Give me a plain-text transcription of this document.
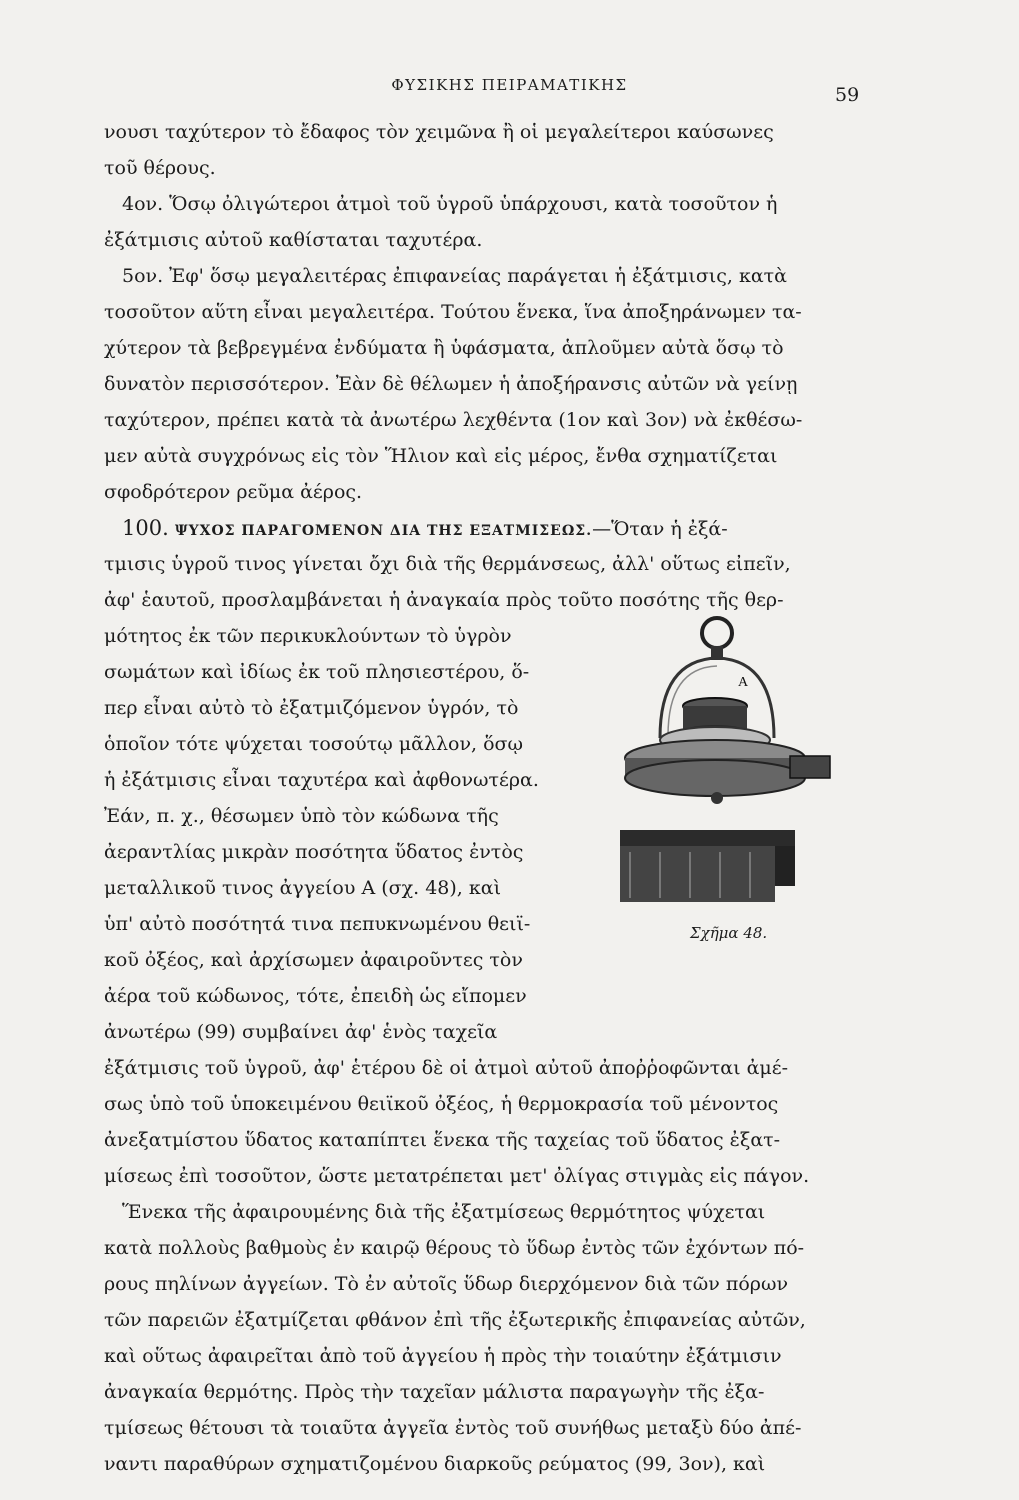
ΦΥΣΙΚΗΣ ΠΕΙΡΑΜΑΤΙΚΗΣ	59
νουσι ταχύτερον τὸ ἔδαφος τὸν χειμῶνα ἢ οἱ μεγαλείτεροι καύσωνες
τοῦ θέρους.
4ον. Ὅσῳ ὀλιγώτεροι ἀτμοὶ τοῦ ὑγροῦ ὑπάρχουσι, κατὰ τοσοῦτον ἡ
ἐξάτμισις αὐτοῦ καθίσταται ταχυτέρα.
5ον. Ἐφ' ὅσῳ μεγαλειτέρας ἐπιφανείας παράγεται ἡ ἐξάτμισις, κατὰ
τοσοῦτον αὕτη εἶναι μεγαλειτέρα. Τούτου ἕνεκα, ἵνα ἀποξηράνωμεν τα-
χύτερον τὰ βεβρεγμένα ἐνδύματα ἢ ὑφάσματα, ἁπλοῦμεν αὐτὰ ὅσῳ τὸ
δυνατὸν περισσότερον. Ἐὰν δὲ θέλωμεν ἡ ἀποξήρανσις αὐτῶν νὰ γείνῃ
ταχύτερον, πρέπει κατὰ τὰ ἀνωτέρω λεχθέντα (1ον καὶ 3ον) νὰ ἐκθέσω-
μεν αὐτὰ συγχρόνως εἰς τὸν Ἥλιον καὶ εἰς μέρος, ἔνθα σχηματίζεται
σφοδρότερον ρεῦμα ἀέρος.
100. ΨΥΧΟΣ ΠΑΡΑΓΟΜΕΝΟΝ ΔΙΑ ΤΗΣ ΕΞΑΤΜΙΣΕΩΣ.—Ὅταν ἡ ἐξά-
τμισις ὑγροῦ τινος γίνεται ὄχι διὰ τῆς θερμάνσεως, ἀλλ' οὕτως εἰπεῖν,
ἀφ' ἑαυτοῦ, προσλαμβάνεται ἡ ἀναγκαία πρὸς τοῦτο ποσότης τῆς θερ-
μότητος ἐκ τῶν περικυκλούντων τὸ ὑγρὸν
σωμάτων καὶ ἰδίως ἐκ τοῦ πλησιεστέρου, ὅ-
περ εἶναι αὐτὸ τὸ ἐξατμιζόμενον ὑγρόν, τὸ
ὁποῖον τότε ψύχεται τοσούτῳ μᾶλλον, ὅσῳ
ἡ ἐξάτμισις εἶναι ταχυτέρα καὶ ἀφθονωτέρα.
Ἐάν, π. χ., θέσωμεν ὑπὸ τὸν κώδωνα τῆς
ἀεραντλίας μικρὰν ποσότητα ὕδατος ἐντὸς
μεταλλικοῦ τινος ἀγγείου Α (σχ. 48), καὶ
ὑπ' αὐτὸ ποσότητά τινα πεπυκνωμένου θειϊ-
κοῦ ὀξέος, καὶ ἀρχίσωμεν ἀφαιροῦντες τὸν
ἀέρα τοῦ κώδωνος, τότε, ἐπειδὴ ὡς εἴπομεν
ἀνωτέρω (99) συμβαίνει ἀφ' ἑνὸς ταχεῖα
ἐξάτμισις τοῦ ὑγροῦ, ἀφ' ἑτέρου δὲ οἱ ἀτμοὶ αὐτοῦ ἀποῤῥοφῶνται ἀμέ-
σως ὑπὸ τοῦ ὑποκειμένου θειϊκοῦ ὀξέος, ἡ θερμοκρασία τοῦ μένοντος
ἀνεξατμίστου ὕδατος καταπίπτει ἕνεκα τῆς ταχείας τοῦ ὕδατος ἐξατ-
μίσεως ἐπὶ τοσοῦτον, ὥστε μετατρέπεται μετ' ὀλίγας στιγμὰς εἰς πάγον.
Ἕνεκα τῆς ἀφαιρουμένης διὰ τῆς ἐξατμίσεως θερμότητος ψύχεται
κατὰ πολλοὺς βαθμοὺς ἐν καιρῷ θέρους τὸ ὕδωρ ἐντὸς τῶν ἐχόντων πό-
ρους πηλίνων ἀγγείων. Τὸ ἐν αὐτοῖς ὕδωρ διερχόμενον διὰ τῶν πόρων
τῶν παρειῶν ἐξατμίζεται φθάνον ἐπὶ τῆς ἐξωτερικῆς ἐπιφανείας αὐτῶν,
καὶ οὕτως ἀφαιρεῖται ἀπὸ τοῦ ἀγγείου ἡ πρὸς τὴν τοιαύτην ἐξάτμισιν
ἀναγκαία θερμότης. Πρὸς τὴν ταχεῖαν μάλιστα παραγωγὴν τῆς ἐξα-
τμίσεως θέτουσι τὰ τοιαῦτα ἀγγεῖα ἐντὸς τοῦ συνήθως μεταξὺ δύο ἀπέ-
ναντι παραθύρων σχηματιζομένου διαρκοῦς ρεύματος (99, 3ον), καὶ
Α
Σχῆμα 48.
